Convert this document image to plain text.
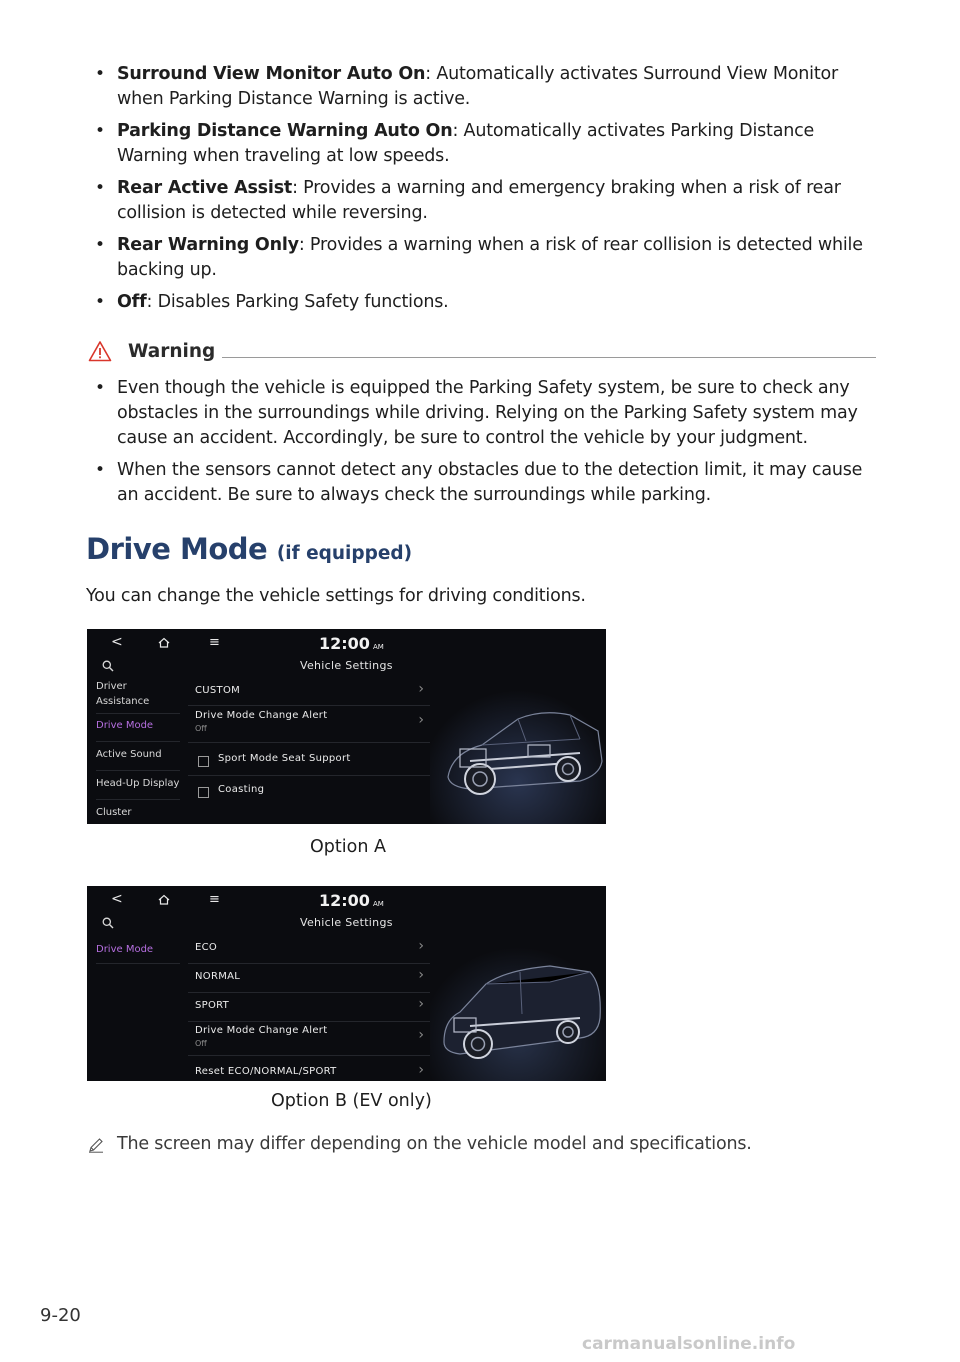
• Surround View Monitor Auto On: Automatically activates Surround View Monitor when Parking Distance Warning is active.
• Parking Distance Warning Auto On: Automatically activates Parking Distance Warning when traveling at low speeds.
• Rear Active Assist: Provides a warning and emergency braking when a risk of rear collision is detected while reversing.
• Rear Warning Only: Provides a warning when a risk of rear collision is detected while backing up.
• Off: Disables Parking Safety functions.
Warning
• Even though the vehicle is equipped the Parking Safety system, be sure to check any obstacles in the surroundings while driving. Relying on the Parking Safety system may cause an accident. Accordingly, be sure to control the vehicle by your judgment.
• When the sensors cannot detect any obstacles due to the detection limit, it may cause an accident. Be sure to always check the surroundings while parking.
Drive Mode (if equipped)
You can change the vehicle settings for driving conditions.
<	≡	12:00 AM
Vehicle Settings
Driver Assistance
Drive Mode
Active Sound
Head-Up Display
Cluster
CUSTOM	›
Drive Mode Change Alert
Off
›
Sport Mode Seat Support
Coasting
Option A
<	≡	12:00 AM
Vehicle Settings
Drive Mode	ECO	›
NORMAL	›
SPORT	›
Drive Mode Change Alert
Off
›
Reset ECO/NORMAL/SPORT	›
Option B (EV only)
The screen may differ depending on the vehicle model and specifications.
9-20
carmanualsonline.info
